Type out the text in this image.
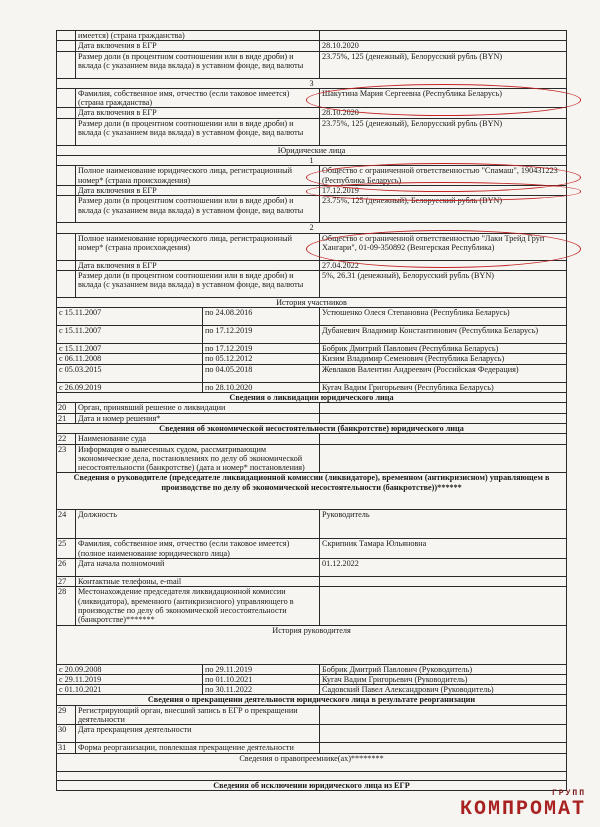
	имеется) (страна гражданства)		
	Дата включения в ЕГР		28.10.2020
	Размер доли (в процентном соотношении или в виде дроби) и вклада (с указанием вида вклада) в уставном фонде, вид валюты		23.75%, 125 (денежный), Белорусский рубль (BYN)
3			
	Фамилия, собственное имя, отчество (если таковое имеется) (страна гражданства)		Шакутина Мария Сергеевна (Республика Беларусь)
	Дата включения в ЕГР		28.10.2020
	Размер доли (в процентном соотношении или в виде дроби) и вклада (с указанием вида вклада) в уставном фонде, вид валюты		23.75%, 125 (денежный), Белорусский рубль (BYN)
Юридические лица			
1			
	Полное наименование юридического лица, регистрационный номер* (страна происхождения)		Общество с ограниченной ответственностью "Спамаш", 190431223 (Республика Беларусь)
	Дата включения в ЕГР		17.12.2019
	Размер доли (в процентном соотношении или в виде дроби) и вклада (с указанием вида вклада) в уставном фонде, вид валюты		23.75%, 125 (денежный), Белорусский рубль (BYN)
2			
	Полное наименование юридического лица, регистрационный номер* (страна происхождения)		Общество с ограниченной ответственностью "Лаки Трейд Груп Хангари", 01-09-350892 (Венгерская Республика)
	Дата включения в ЕГР		27.04.2022
	Размер доли (в процентном соотношении или в виде дроби) и вклада (с указанием вида вклада) в уставном фонде, вид валюты		5%, 26.31 (денежный), Белорусский рубль (BYN)
История участников			
с 15.11.2007		по 24.08.2016	Устюшенко Олеся Степановна (Республика Беларусь)
с 15.11.2007		по 17.12.2019	Дубаневич Владимир Константинович (Республика Беларусь)
с 15.11.2007		по 17.12.2019	Бобрик Дмитрий Павлович (Республика Беларусь)
с 06.11.2008		по 05.12.2012	Кизим Владимир Семенович (Республика Беларусь)
с 05.03.2015		по 04.05.2018	Жевлаков Валентин Андреевич (Российская Федерация)
с 26.09.2019		по 28.10.2020	Кугач Вадим Григорьевич (Республика Беларусь)
Сведения о ликвидации юридического лица			
20	Орган, принявший решение о ликвидации		
21	Дата и номер решения*		
Сведения об экономической несостоятельности (банкротстве) юридического лица			
22	Наименование суда		
23	Информация о вынесенных судом, рассматривающим экономические дела, постановлениях по делу об экономической несостоятельности (банкротстве) (дата и номер* постановления)		
Сведения о руководителе (председателе ликвидационной комиссии (ликвидаторе), временном (антикризисном) управляющем в производстве по делу об экономической несостоятельности (банкротстве))******			
24	Должность		Руководитель
25	Фамилия, собственное имя, отчество (если таковое имеется) (полное наименование юридического лица)		Скрипник Тамара Юльяновна
26	Дата начала полномочий		01.12.2022
27	Контактные телефоны, e-mail		
28	Местонахождение председателя ликвидационной комиссии (ликвидатора), временного (антикризисного) управляющего в производстве по делу об экономической несостоятельности (банкротстве)*******		
История руководителя			
с 20.09.2008		по 29.11.2019	Бобрик Дмитрий Павлович (Руководитель)
с 29.11.2019		по 01.10.2021	Кугач Вадим Григорьевич (Руководитель)
с 01.10.2021		по 30.11.2022	Садовский Павел Александрович (Руководитель)
Сведения о прекращении деятельности юридического лица в результате реорганизации			
29	Регистрирующий орган, внесший запись в ЕГР о прекращении деятельности		
30	Дата прекращения деятельности		
31	Форма реорганизации, повлекшая прекращение деятельности		
Сведения о правопреемнике(ах)********			

Сведения об исключении юридического лица из ЕГР			
ГРУПП
КОМПРОМАТ
